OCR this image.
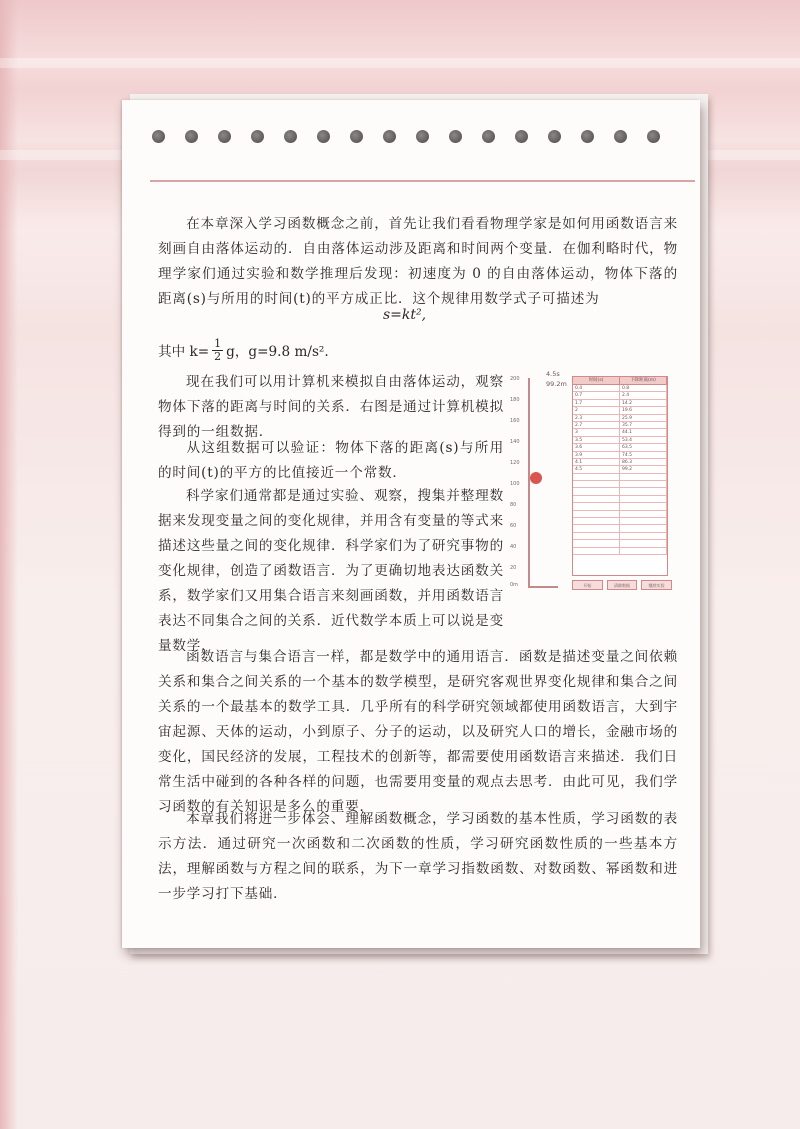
在本章深入学习函数概念之前，首先让我们看看物理学家是如何用函数语言来刻画自由落体运动的．自由落体运动涉及距离和时间两个变量．在伽利略时代，物理学家们通过实验和数学推理后发现：初速度为 0 的自由落体运动，物体下落的距离(s)与所用的时间(t)的平方成正比．这个规律用数学式子可描述为
s=kt²,
其中 $k= \frac{1}{2}$ g，g=9.8 m/s².
现在我们可以用计算机来模拟自由落体运动，观察物体下落的距离与时间的关系．右图是通过计算机模拟得到的一组数据．
从这组数据可以验证：物体下落的距离(s)与所用的时间(t)的平方的比值接近一个常数．
科学家们通常都是通过实验、观察，搜集并整理数据来发现变量之间的变化规律，并用含有变量的等式来描述这些量之间的变化规律．科学家们为了研究事物的变化规律，创造了函数语言．为了更确切地表达函数关系，数学家们又用集合语言来刻画函数，并用函数语言表达不同集合之间的关系．近代数学本质上可以说是变量数学．
200
180
160
140
120
100
80
60
40
20
0m
4.5s
99.2m	时间(s)	下降距离(m)
0.4	0.8
0.7	2.4
1.7	14.2
2	19.6
2.3	25.9
2.7	35.7
3	44.1
3.5	53.4
3.6	63.5
3.9	74.5
4.1	86.3
4.5	99.2
开始	清除数据	继续实验
函数语言与集合语言一样，都是数学中的通用语言．函数是描述变量之间依赖关系和集合之间关系的一个基本的数学模型，是研究客观世界变化规律和集合之间关系的一个最基本的数学工具．几乎所有的科学研究领域都使用函数语言，大到宇宙起源、天体的运动，小到原子、分子的运动，以及研究人口的增长，金融市场的变化，国民经济的发展，工程技术的创新等，都需要使用函数语言来描述．我们日常生活中碰到的各种各样的问题，也需要用变量的观点去思考．由此可见，我们学习函数的有关知识是多么的重要．
本章我们将进一步体会、理解函数概念，学习函数的基本性质，学习函数的表示方法．通过研究一次函数和二次函数的性质，学习研究函数性质的一些基本方法，理解函数与方程之间的联系，为下一章学习指数函数、对数函数、幂函数和进一步学习打下基础．
